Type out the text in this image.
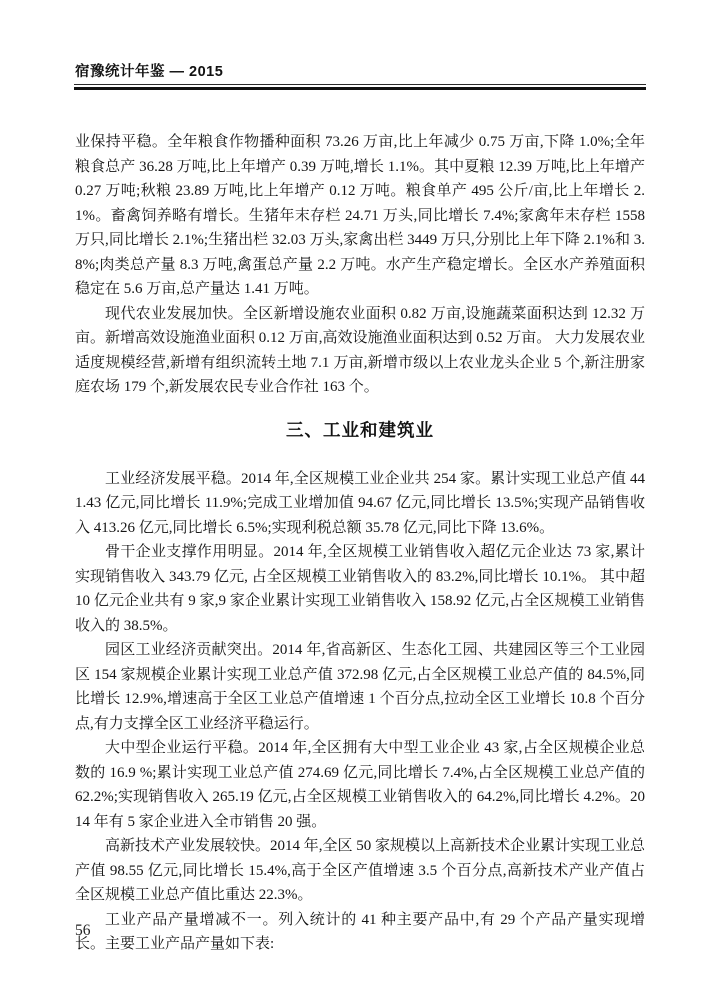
宿豫统计年鉴 — 2015

业保持平稳。全年粮食作物播种面积 73.26 万亩,比上年减少 0.75 万亩,下降 1.0%;全年粮食总产 36.28 万吨,比上年增产 0.39 万吨,增长 1.1%。其中夏粮 12.39 万吨,比上年增产 0.27 万吨;秋粮 23.89 万吨,比上年增产 0.12 万吨。粮食单产 495 公斤/亩,比上年增长 2.1%。畜禽饲养略有增长。生猪年末存栏 24.71 万头,同比增长 7.4%;家禽年末存栏 1558 万只,同比增长 2.1%;生猪出栏 32.03 万头,家禽出栏 3449 万只,分别比上年下降 2.1%和 3.8%;肉类总产量 8.3 万吨,禽蛋总产量 2.2 万吨。水产生产稳定增长。全区水产养殖面积稳定在 5.6 万亩,总产量达 1.41 万吨。

现代农业发展加快。全区新增设施农业面积 0.82 万亩,设施蔬菜面积达到 12.32 万亩。新增高效设施渔业面积 0.12 万亩,高效设施渔业面积达到 0.52 万亩。 大力发展农业适度规模经营,新增有组织流转土地 7.1 万亩,新增市级以上农业龙头企业 5 个,新注册家庭农场 179 个,新发展农民专业合作社 163 个。

三、工业和建筑业

工业经济发展平稳。2014 年,全区规模工业企业共 254 家。累计实现工业总产值 441.43 亿元,同比增长 11.9%;完成工业增加值 94.67 亿元,同比增长 13.5%;实现产品销售收入 413.26 亿元,同比增长 6.5%;实现利税总额 35.78 亿元,同比下降 13.6%。

骨干企业支撑作用明显。2014 年,全区规模工业销售收入超亿元企业达 73 家,累计实现销售收入 343.79 亿元, 占全区规模工业销售收入的 83.2%,同比增长 10.1%。 其中超 10 亿元企业共有 9 家,9 家企业累计实现工业销售收入 158.92 亿元,占全区规模工业销售收入的 38.5%。

园区工业经济贡献突出。2014 年,省高新区、生态化工园、共建园区等三个工业园区 154 家规模企业累计实现工业总产值 372.98 亿元,占全区规模工业总产值的 84.5%,同比增长 12.9%,增速高于全区工业总产值增速 1 个百分点,拉动全区工业增长 10.8 个百分点,有力支撑全区工业经济平稳运行。

大中型企业运行平稳。2014 年,全区拥有大中型工业企业 43 家,占全区规模企业总数的 16.9 %;累计实现工业总产值 274.69 亿元,同比增长 7.4%,占全区规模工业总产值的 62.2%;实现销售收入 265.19 亿元,占全区规模工业销售收入的 64.2%,同比增长 4.2%。2014 年有 5 家企业进入全市销售 20 强。

高新技术产业发展较快。2014 年,全区 50 家规模以上高新技术企业累计实现工业总产值 98.55 亿元,同比增长 15.4%,高于全区产值增速 3.5 个百分点,高新技术产业产值占全区规模工业总产值比重达 22.3%。

工业产品产量增减不一。列入统计的 41 种主要产品中,有 29 个产品产量实现增长。主要工业产品产量如下表:

56
